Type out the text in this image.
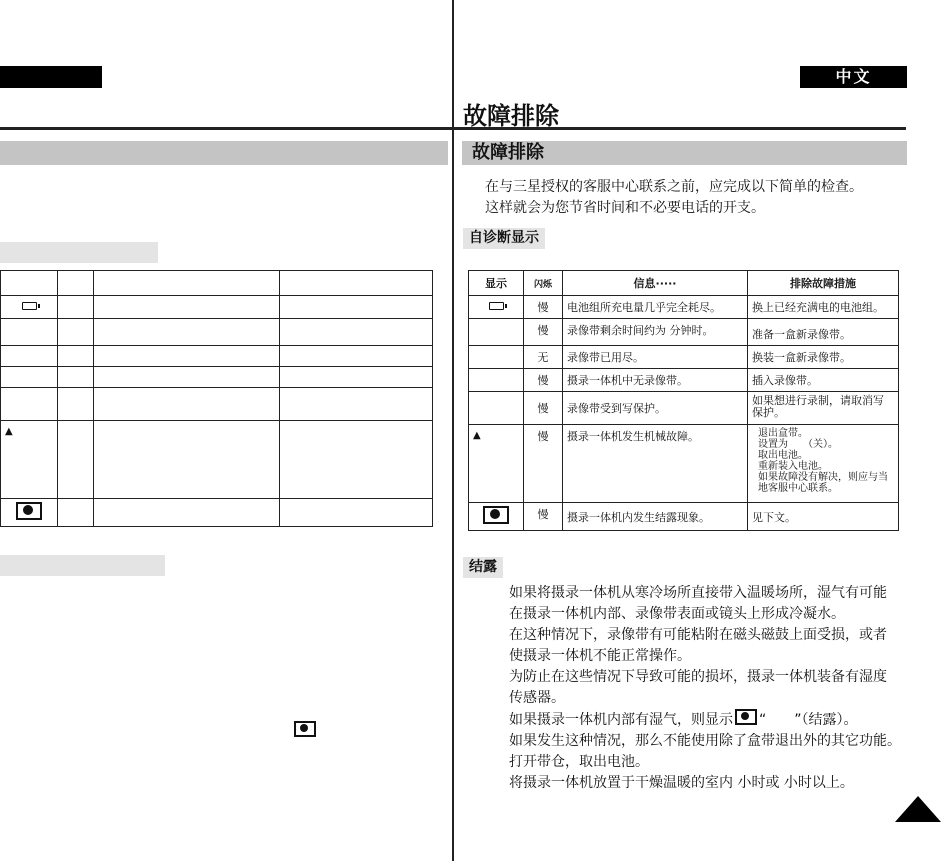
中文
故障排除

▲			

故障排除
在与三星授权的客服中心联系之前，应完成以下简单的检查。
这样就会为您节省时间和不必要电话的开支。
自诊断显示
显示	闪烁	信息·····	排除故障措施
	慢	电池组所充电量几乎完全耗尽。	换上已经充满电的电池组。
	慢	录像带剩余时间约为 分钟时。	准备一盒新录像带。
	无	录像带已用尽。	换装一盒新录像带。
	慢	摄录一体机中无录像带。	插入录像带。
	慢	录像带受到写保护。	如果想进行录制，请取消写保护。
▲	慢	摄录一体机发生机械故障。	退出盒带。
设置为　　（关）。
取出电池。
重新装入电池。
如果故障没有解决，则应与当地客服中心联系。

	慢	摄录一体机内发生结露现象。	见下文。
结露
如果将摄录一体机从寒冷场所直接带入温暖场所，湿气有可能
在摄录一体机内部、录像带表面或镜头上形成冷凝水。
在这种情况下，录像带有可能粘附在磁头磁鼓上面受损，或者
使摄录一体机不能正常操作。
为防止在这些情况下导致可能的损坏，摄录一体机装备有湿度
传感器。
如果摄录一体机内部有湿气，则显示 “　　”（结露）。
如果发生这种情况，那么不能使用除了盒带退出外的其它功能。
打开带仓，取出电池。
将摄录一体机放置于干燥温暖的室内 小时或 小时以上。
